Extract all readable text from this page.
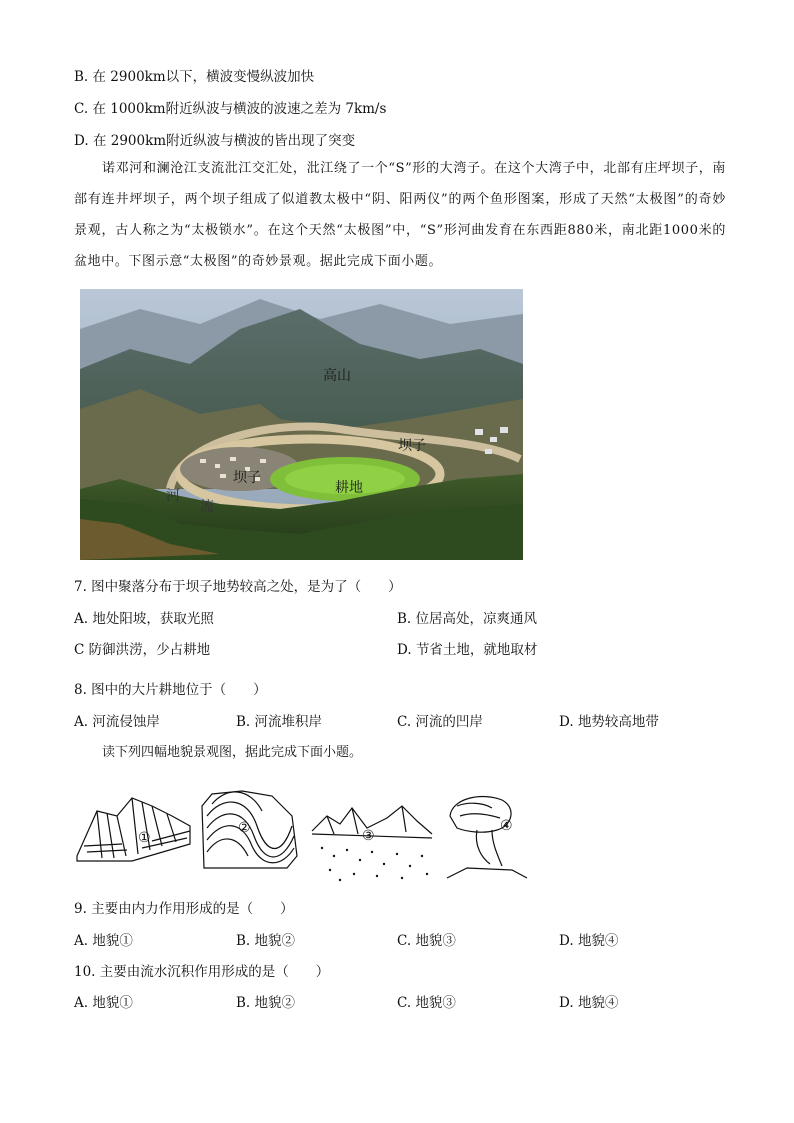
B. 在 2900km以下，横波变慢纵波加快
C. 在 1000km附近纵波与横波的波速之差为 7km/s
D. 在 2900km附近纵波与横波的皆出现了突变
诺邓河和澜沧江支流沘江交汇处，沘江绕了一个“S”形的大湾子。在这个大湾子中，北部有庄坪坝子，南部有连井坪坝子，两个坝子组成了似道教太极中“阴、阳两仪”的两个鱼形图案，形成了天然“太极图”的奇妙景观，古人称之为“太极锁水”。在这个天然“太极图”中，“S”形河曲发育在东西距880米，南北距1000米的盆地中。下图示意“太极图”的奇妙景观。据此完成下面小题。
高山
坝子
坝子
耕地
河
流
7. 图中聚落分布于坝子地势较高之处，是为了（　　）
A. 地处阳坡，获取光照	B. 位居高处，凉爽通风
C 防御洪涝，少占耕地	D. 节省土地，就地取材
8. 图中的大片耕地位于（　　）
A. 河流侵蚀岸	B. 河流堆积岸	C. 河流的凹岸	D. 地势较高地带
读下列四幅地貌景观图，据此完成下面小题。
①
②	③
④
9. 主要由内力作用形成的是（　　）
A. 地貌①	B. 地貌②	C. 地貌③	D. 地貌④
10. 主要由流水沉积作用形成的是（　　）
A. 地貌①	B. 地貌②	C. 地貌③	D. 地貌④
